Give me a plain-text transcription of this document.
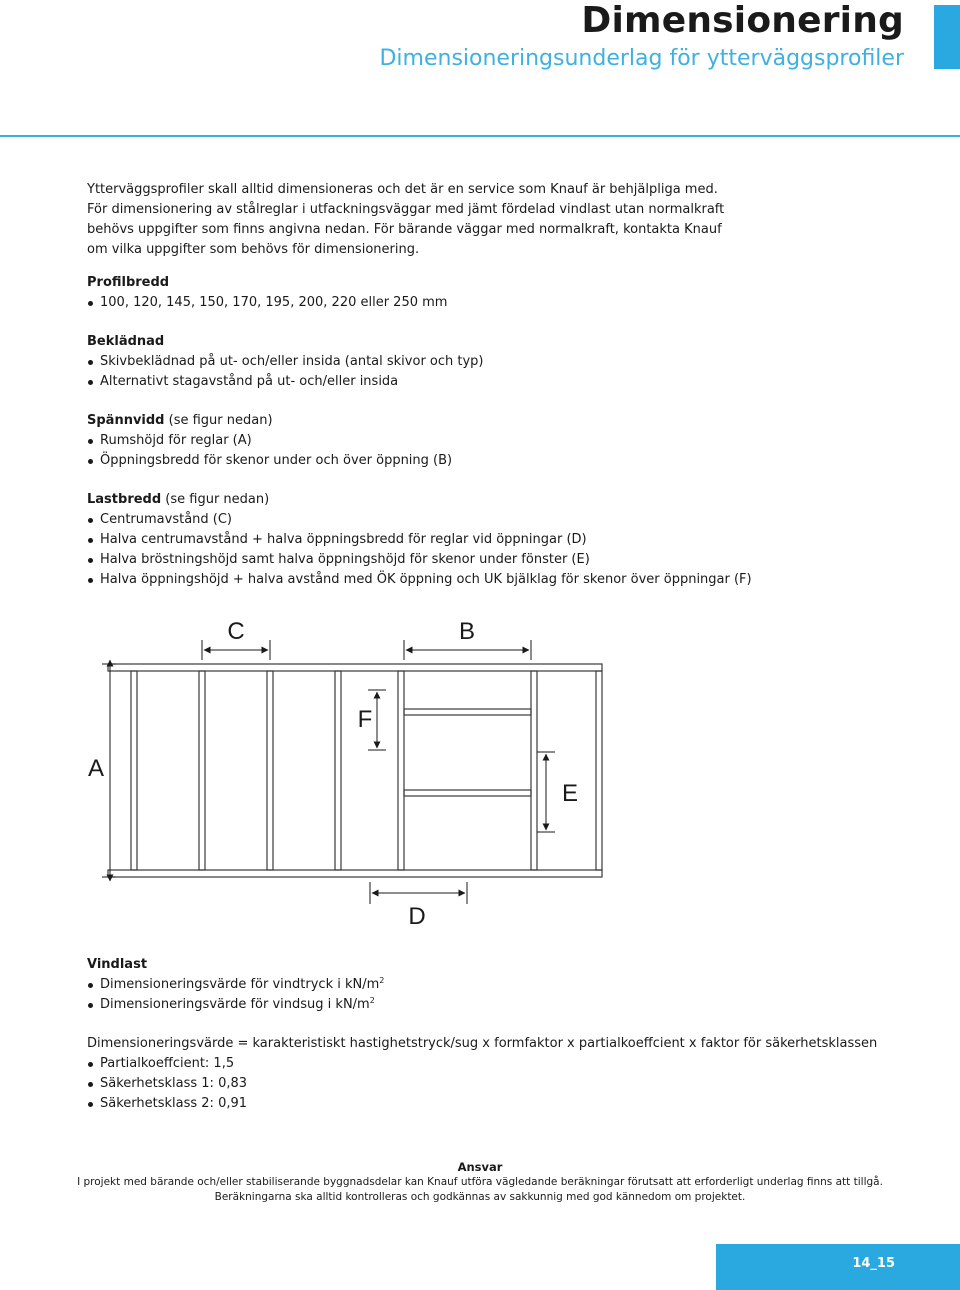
Dimensionering
Dimensioneringsunderlag för ytterväggsprofiler

Ytterväggsprofiler skall alltid dimensioneras och det är en service som Knauf är behjälpliga med.

För dimensionering av stålreglar i utfackningsväggar med jämt fördelad vindlast utan normalkraft

behövs uppgifter som finns angivna nedan. För bärande väggar med normalkraft, kontakta Knauf

om vilka uppgifter som behövs för dimensionering.

Profilbredd
100, 120, 145, 150, 170, 195, 200, 220 eller 250 mm
Beklädnad
Skivbeklädnad på ut- och/eller insida (antal skivor och typ)
Alternativt stagavstånd på ut- och/eller insida
Spännvidd (se figur nedan)
Rumshöjd för reglar (A)
Öppningsbredd för skenor under och över öppning (B)
Lastbredd (se figur nedan)
Centrumavstånd (C)
Halva centrumavstånd + halva öppningsbredd för reglar vid öppningar (D)
Halva bröstningshöjd samt halva öppningshöjd för skenor under fönster (E)
Halva öppningshöjd + halva avstånd med ÖK öppning och UK bjälklag för skenor över öppningar (F)
C	B
F
A
E
D
Vindlast
Dimensioneringsvärde för vindtryck i $kN/m^2$
Dimensioneringsvärde för vindsug i $kN/m^2$

Dimensioneringsvärde = karakteristiskt hastighetstryck/sug x formfaktor x partialkoeffcient x faktor för säkerhetsklassen

Partialkoeffcient: 1,5
Säkerhetsklass 1: 0,83
Säkerhetsklass 2: 0,91
Ansvar
I projekt med bärande och/eller stabiliserande byggnadsdelar kan Knauf utföra vägledande beräkningar förutsatt att erforderligt underlag finns att tillgå.
Beräkningarna ska alltid kontrolleras och godkännas av sakkunnig med god kännedom om projektet.
14_15
